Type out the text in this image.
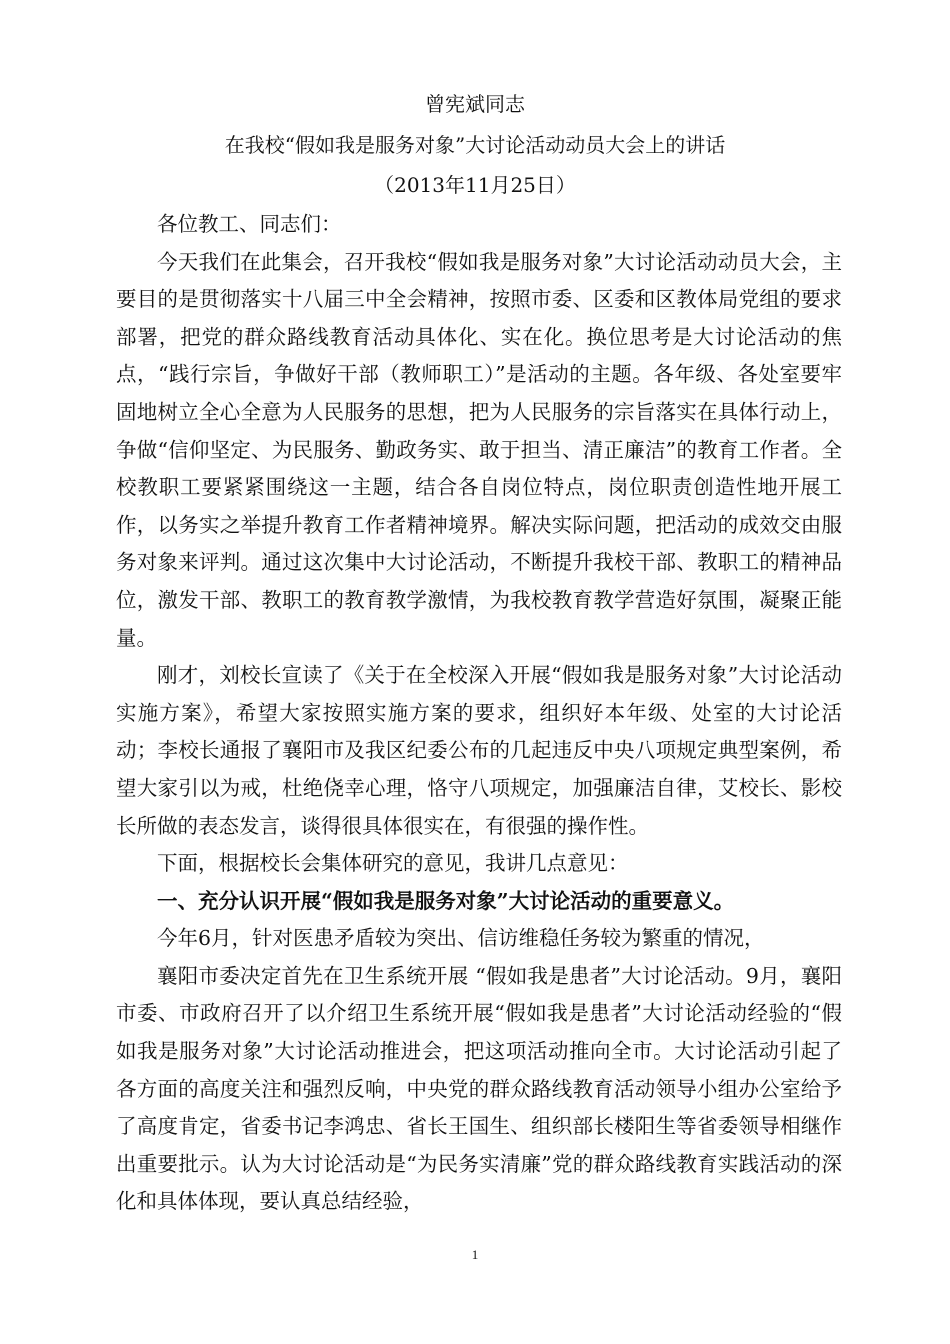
曾宪斌同志
在我校“假如我是服务对象”大讨论活动动员大会上的讲话
（2013年11月25日）

各位教工、同志们：

今天我们在此集会，召开我校“假如我是服务对象”大讨论活动动员大会，主要目的是贯彻落实十八届三中全会精神，按照市委、区委和区教体局党组的要求部署，把党的群众路线教育活动具体化、实在化。换位思考是大讨论活动的焦点，“践行宗旨，争做好干部（教师职工）”是活动的主题。各年级、各处室要牢固地树立全心全意为人民服务的思想，把为人民服务的宗旨落实在具体行动上，争做“信仰坚定、为民服务、勤政务实、敢于担当、清正廉洁”的教育工作者。全校教职工要紧紧围绕这一主题，结合各自岗位特点，岗位职责创造性地开展工作，以务实之举提升教育工作者精神境界。解决实际问题，把活动的成效交由服务对象来评判。通过这次集中大讨论活动，不断提升我校干部、教职工的精神品位，激发干部、教职工的教育教学激情，为我校教育教学营造好氛围，凝聚正能量。

刚才，刘校长宣读了《关于在全校深入开展“假如我是服务对象”大讨论活动实施方案》，希望大家按照实施方案的要求，组织好本年级、处室的大讨论活动；李校长通报了襄阳市及我区纪委公布的几起违反中央八项规定典型案例，希望大家引以为戒，杜绝侥幸心理，恪守八项规定，加强廉洁自律，艾校长、影校长所做的表态发言，谈得很具体很实在，有很强的操作性。

下面，根据校长会集体研究的意见，我讲几点意见：

一、充分认识开展“假如我是服务对象”大讨论活动的重要意义。

今年6月，针对医患矛盾较为突出、信访维稳任务较为繁重的情况，

襄阳市委决定首先在卫生系统开展 “假如我是患者”大讨论活动。9月，襄阳市委、市政府召开了以介绍卫生系统开展“假如我是患者”大讨论活动经验的“假如我是服务对象”大讨论活动推进会，把这项活动推向全市。大讨论活动引起了各方面的高度关注和强烈反响，中央党的群众路线教育活动领导小组办公室给予了高度肯定，省委书记李鸿忠、省长王国生、组织部长楼阳生等省委领导相继作出重要批示。认为大讨论活动是“为民务实清廉”党的群众路线教育实践活动的深化和具体体现，要认真总结经验，

1
